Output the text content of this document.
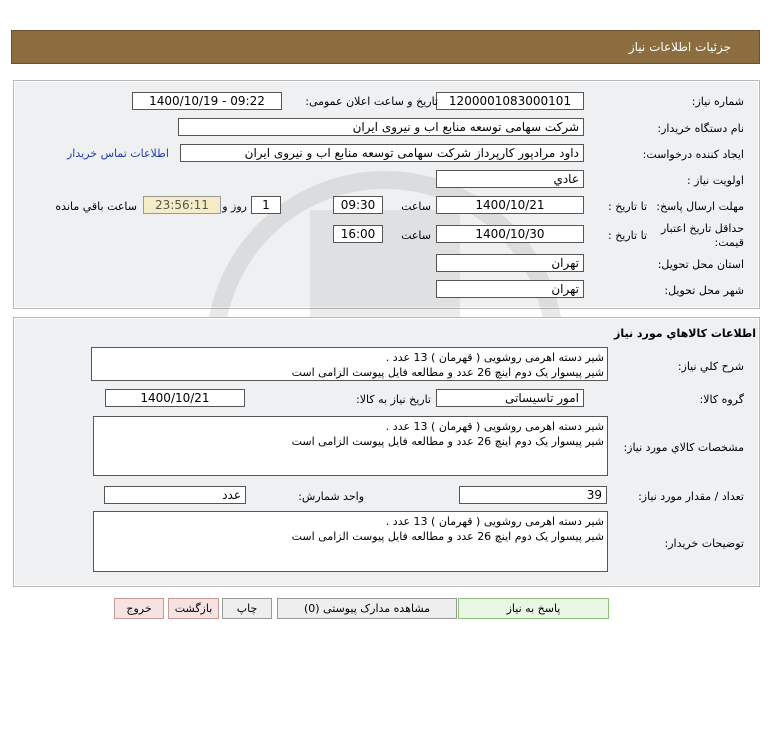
جزئیات اطلاعات نیاز
شماره نیاز:
1200001083000101
تاریخ و ساعت اعلان عمومی:
1400/10/19 - 09:22
نام دستگاه خریدار:
شرکت سهامی توسعه منابع اب و نیروی ایران
ایجاد کننده درخواست:
داود مرادپور کارپرداز شرکت سهامی توسعه منابع اب و نیروی ایران
اطلاعات تماس خریدار
اولویت نیاز :
عادي
مهلت ارسال پاسخ:
تا تاریخ :
1400/10/21
ساعت
09:30
1
روز و
23:56:11
ساعت باقي مانده
حداقل تاریخ اعتبار
قیمت:
تا تاریخ :
1400/10/30
ساعت
16:00
استان محل تحویل:
تهران
شهر محل تحویل:
تهران
اطلاعات کالاهاي مورد نياز
شرح کلي نياز:
شیر دسته اهرمی روشویی ( قهرمان ) 13 عدد .
شیر پیسوار یک دوم اینچ 26 عدد و مطالعه فایل پیوست الزامی است
گروه کالا:
امور تاسیساتی
تاریخ نیاز به کالا:
1400/10/21
مشخصات کالاي مورد نياز:
شیر دسته اهرمی روشویی ( قهرمان ) 13 عدد .
شیر پیسوار یک دوم اینچ 26 عدد و مطالعه فایل پیوست الزامی است
تعداد / مقدار مورد نیاز:
39
واحد شمارش:
عدد
توضیحات خریدار:
شیر دسته اهرمی روشویی ( قهرمان ) 13 عدد .
شیر پیسوار یک دوم اینچ 26 عدد و مطالعه فایل پیوست الزامی است
پاسخ به نیاز
مشاهده مدارک پیوستی (0)
چاپ
بازگشت
خروج
